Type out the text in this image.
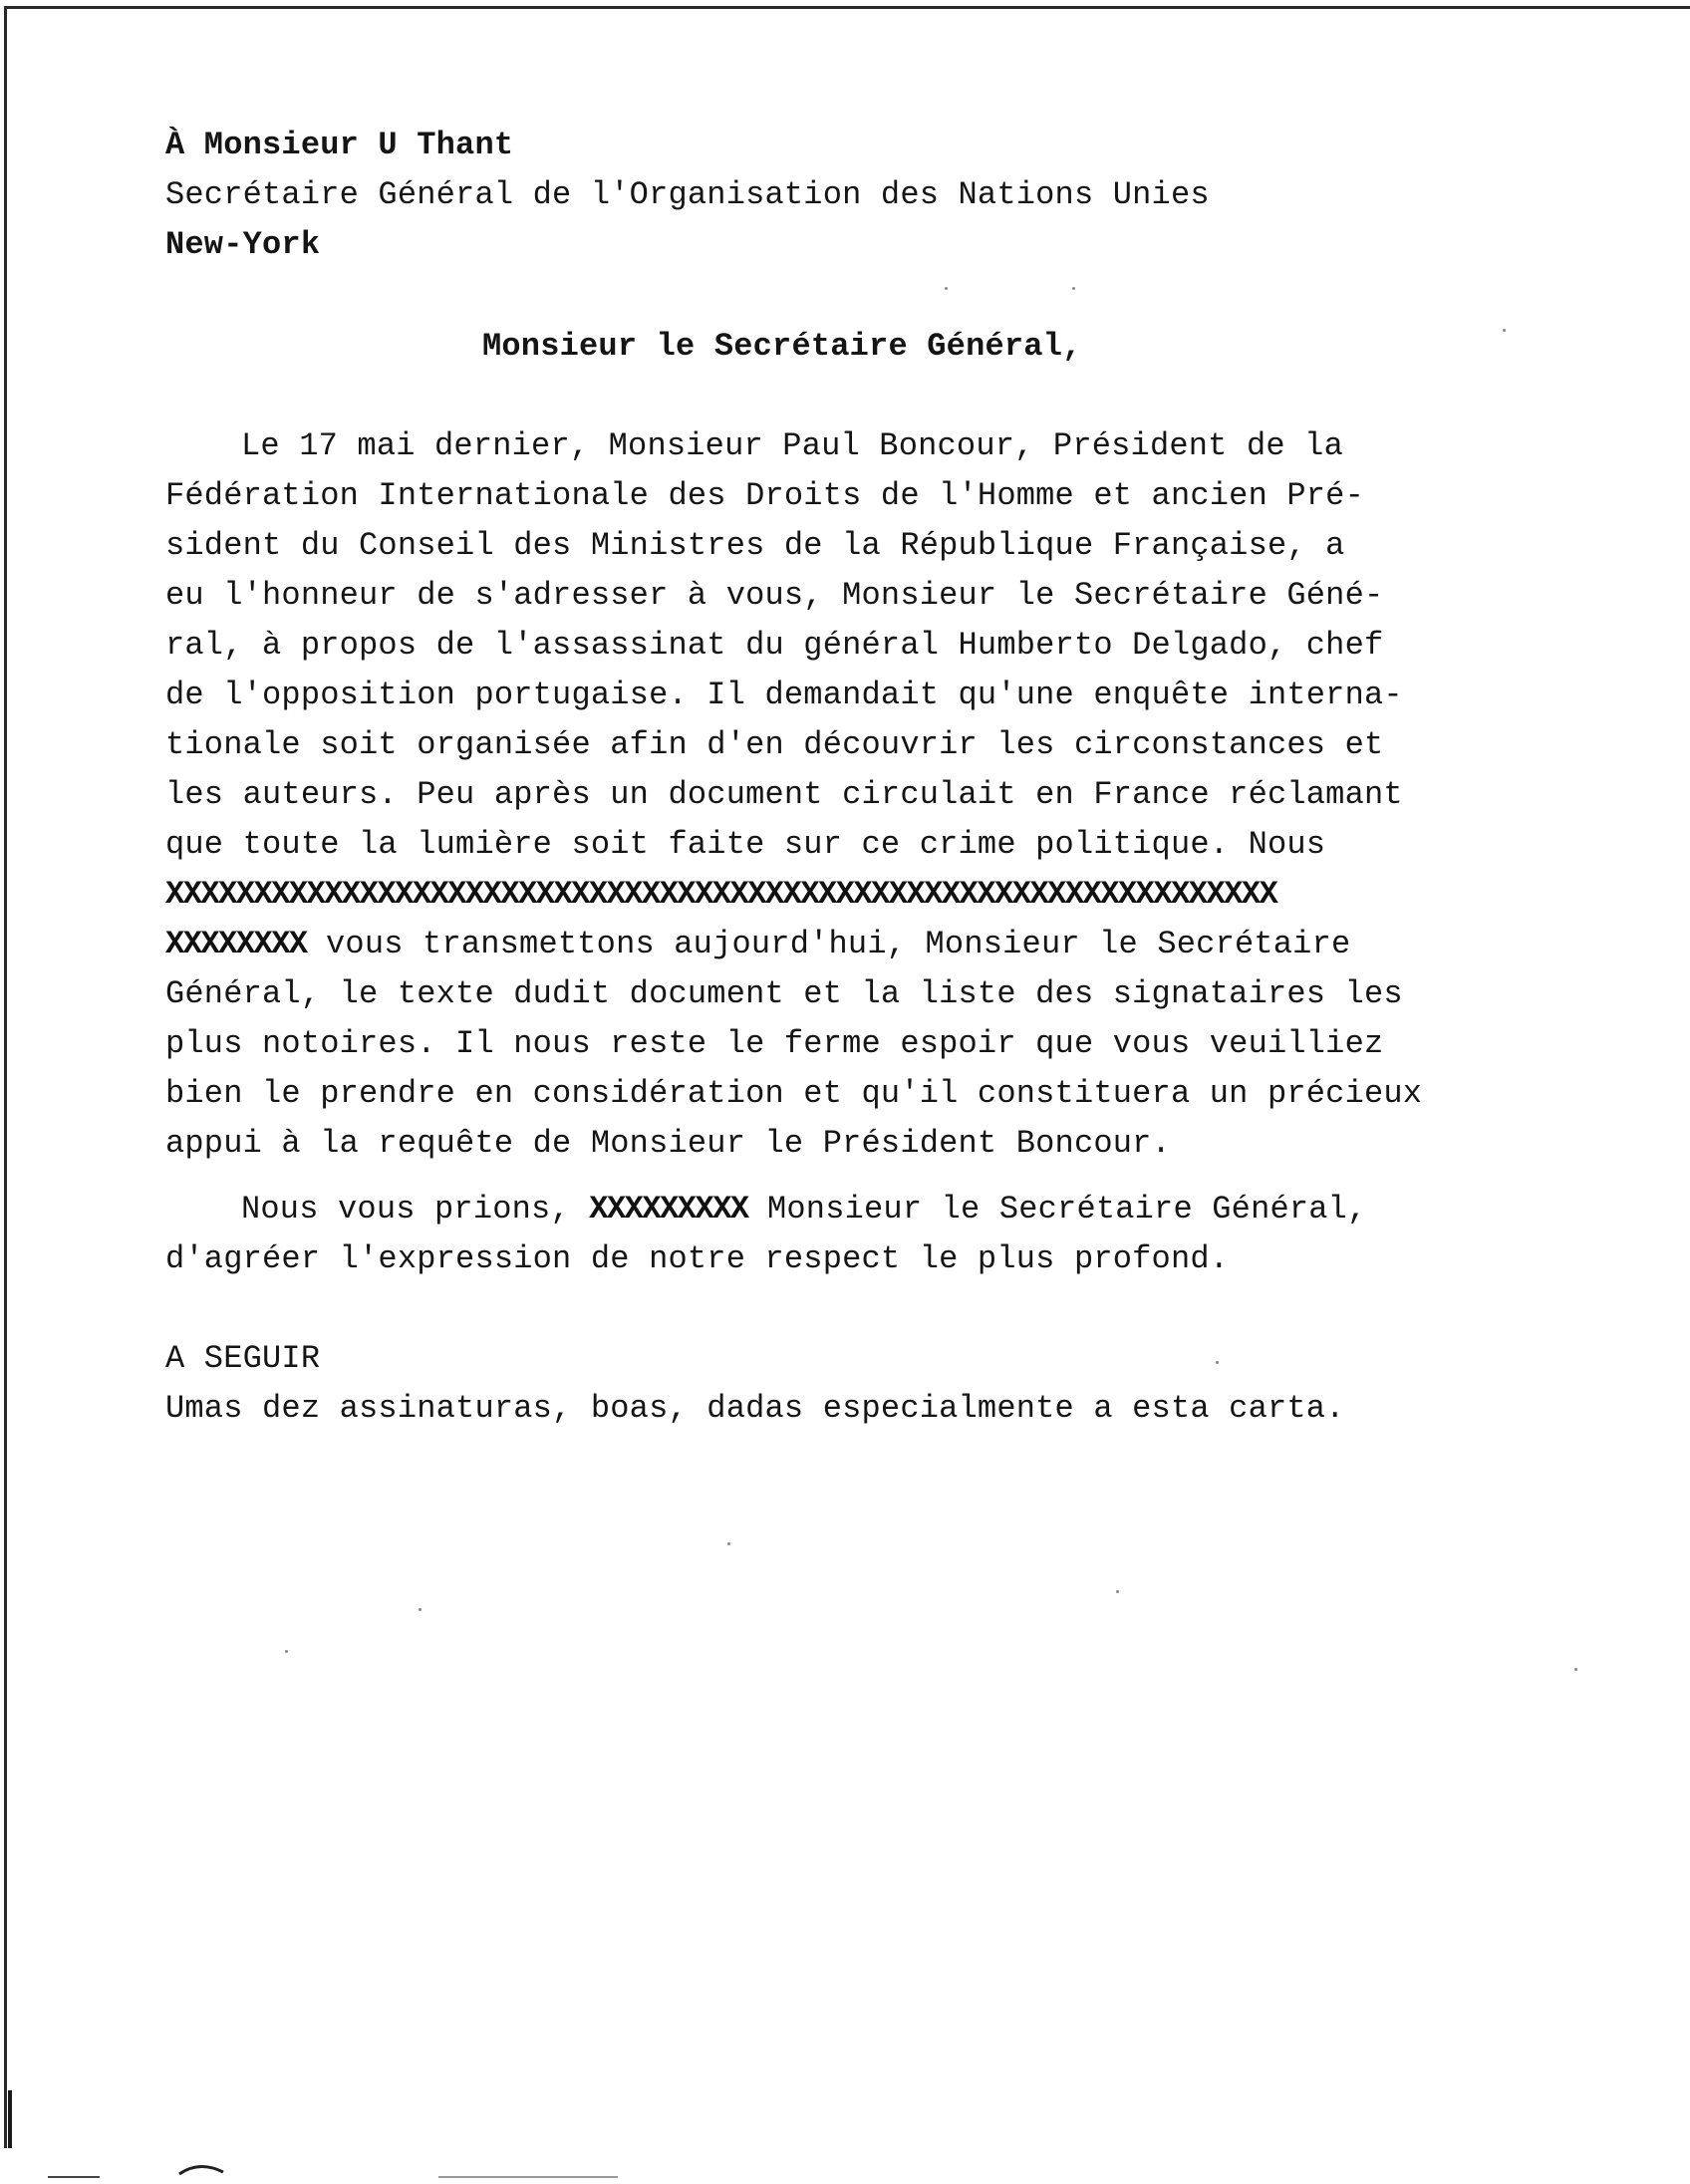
À Monsieur U Thant
Secrétaire Général de l'Organisation des Nations Unies
New-York
Monsieur le Secrétaire Général,
Le 17 mai dernier, Monsieur Paul Boncour, Président de la
Fédération Internationale des Droits de l'Homme et ancien Pré-
sident du Conseil des Ministres de la République Française, a
eu l'honneur de s'adresser à vous, Monsieur le Secrétaire Géné-
ral, à propos de l'assassinat du général Humberto Delgado, chef
de l'opposition portugaise. Il demandait qu'une enquête interna-
tionale soit organisée afin d'en découvrir les circonstances et
les auteurs. Peu après un document circulait en France réclamant
que toute la lumière soit faite sur ce crime politique. Nous
XXXXXXXXXXXXXXXXXXXXXXXXXXXXXXXXXXXXXXXXXXXXXXXXXXXXXXXXXXXXXXX
XXXXXXXX vous transmettons aujourd'hui, Monsieur le Secrétaire
Général, le texte dudit document et la liste des signataires les
plus notoires. Il nous reste le ferme espoir que vous veuilliez
bien le prendre en considération et qu'il constituera un précieux
appui à la requête de Monsieur le Président Boncour.
Nous vous prions, XXXXXXXXX Monsieur le Secrétaire Général,
d'agréer l'expression de notre respect le plus profond.
A SEGUIR
Umas dez assinaturas, boas, dadas especialmente a esta carta.
